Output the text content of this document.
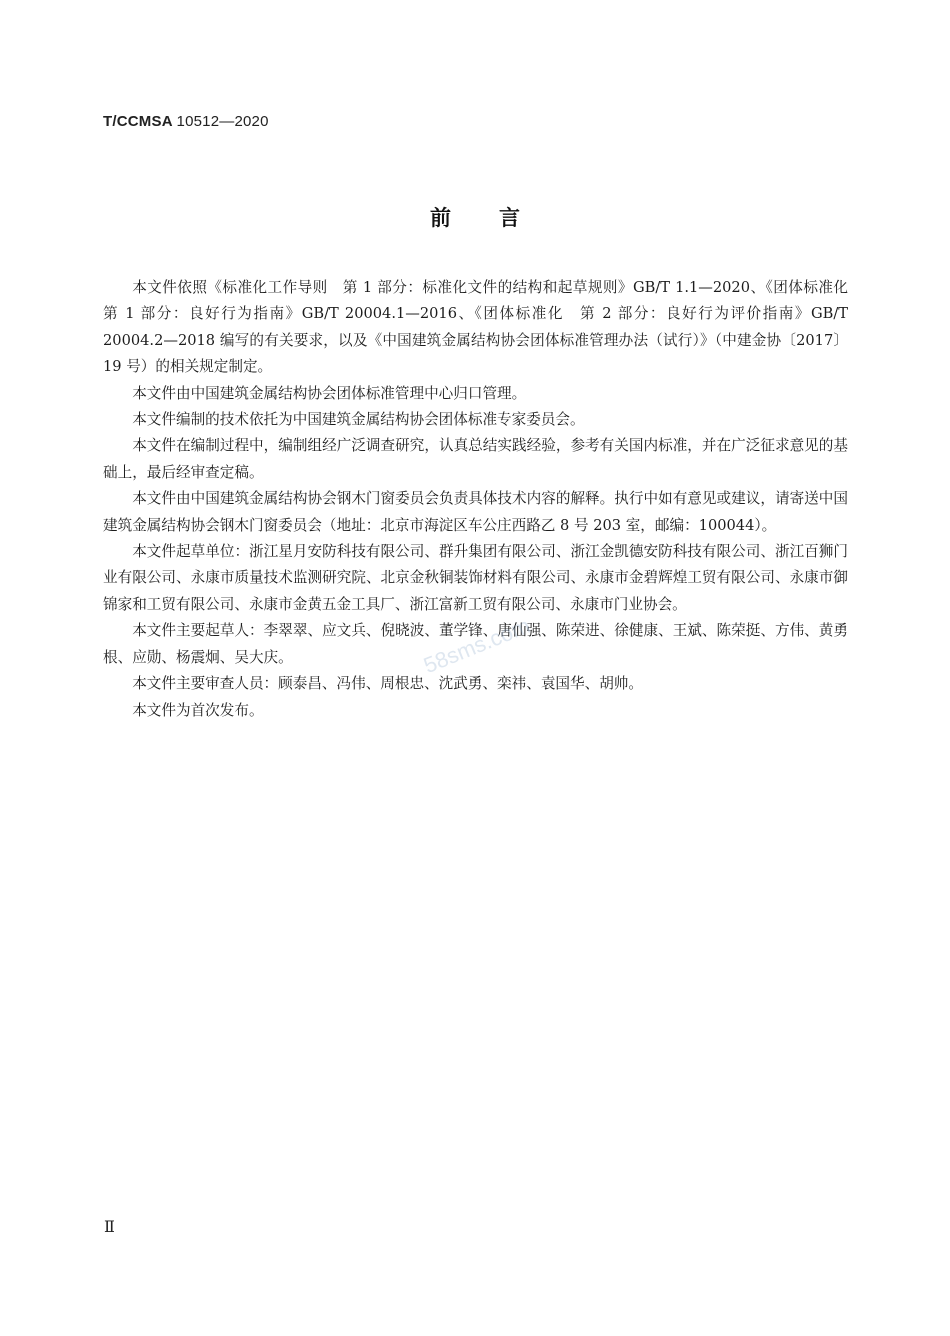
T/CCMSA 10512—2020
前言

本文件依照《标准化工作导则　第 1 部分：标准化文件的结构和起草规则》GB/T 1.1—2020、《团体标准化　第 1 部分：良好行为指南》GB/T 20004.1—2016、《团体标准化　第 2 部分：良好行为评价指南》GB/T 20004.2—2018 编写的有关要求，以及《中国建筑金属结构协会团体标准管理办法（试行）》（中建金协〔2017〕19 号）的相关规定制定。

本文件由中国建筑金属结构协会团体标准管理中心归口管理。

本文件编制的技术依托为中国建筑金属结构协会团体标准专家委员会。

本文件在编制过程中，编制组经广泛调查研究，认真总结实践经验，参考有关国内标准，并在广泛征求意见的基础上，最后经审查定稿。

本文件由中国建筑金属结构协会钢木门窗委员会负责具体技术内容的解释。执行中如有意见或建议，请寄送中国建筑金属结构协会钢木门窗委员会（地址：北京市海淀区车公庄西路乙 8 号 203 室，邮编：100044）。

本文件起草单位：浙江星月安防科技有限公司、群升集团有限公司、浙江金凯德安防科技有限公司、浙江百狮门业有限公司、永康市质量技术监测研究院、北京金秋铜装饰材料有限公司、永康市金碧辉煌工贸有限公司、永康市御锦家和工贸有限公司、永康市金黄五金工具厂、浙江富新工贸有限公司、永康市门业协会。

本文件主要起草人：李翠翠、应文兵、倪晓波、董学锋、唐仙强、陈荣进、徐健康、王斌、陈荣挺、方伟、黄勇根、应勋、杨震炯、吴大庆。

本文件主要审查人员：顾泰昌、冯伟、周根忠、沈武勇、栾祎、袁国华、胡帅。

本文件为首次发布。

58sms.com
Ⅱ
